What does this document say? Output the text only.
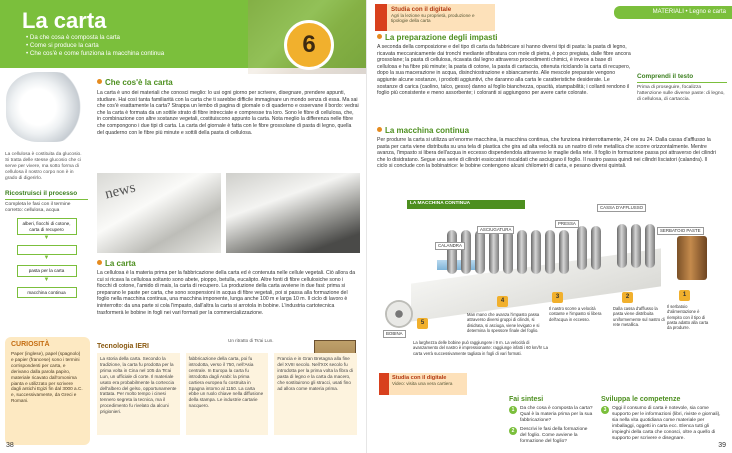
La carta
• Da che cosa è composta la carta
• Come si produce la carta
• Che cos'è e come funziona la macchina continua	6
La cellulosa è costituita da glucosio. Si tratta delle stesse glucosio che ci serve per vivere, ma sotto forma di cellulosa il nostro corpo non è in grado di digerirlo.
Che cos'è la carta
La carta è uno dei materiali che conosci meglio: lo usi ogni giorno per scrivere, disegnare, prendere appunti, studiare. Hai così tanta familiarità con la carta che ti sarebbe difficile immaginare un mondo senza di essa. Ma sai che cos'è esattamente la carta? Strappa un lembo di pagina di giornale o di quaderno e osservane il bordo: vedrai che la carta è formata da un sottile strato di fibre intrecciate e compresse tra loro. Sono le fibre di cellulosa, che, in combinazione con altre sostanze vegetali, costituiscono appunto la carta. Nota meglio la differenza nelle fibre che compongono i due tipi di carta. La carta del giornale è fatta con le fibre grossolane di pasta di legno, quella del quaderno con le fibre più minute e sottili della pasta di cellulosa.
Ricostruisci il processo
Completa le fasi con il termine corretto: cellulosa, acqua
alberi, fiocchi di cotone, carta di recupero
▼
▼
pasta per la carta
▼
macchina continua
news
La carta
La cellulosa è la materia prima per la fabbricazione della carta ed è contenuta nelle cellule vegetali. Ciò allora da cui si ricava la cellulosa soltanto sono abete, pioppo, betulla, eucalipto. Altre fonti di fibre cellulosiche sono i fiocchi di cotone, l'amido di mais, la carta di recupero. La produzione della carta avviene in due fasi: prima si preparano le paste per carta, che sono sospensioni in acqua di fibre vegetali, poi si passa alla formazione del foglio nella macchina continua, una macchina imponente, lunga anche 100 m e larga 10 m. Il ciclo di lavoro è ininterrotto: da una parte si cola l'impasto, dall'altra la carta si arrotola in bobine. L'industria cartotecnica trasformerà le bobine in fogli nei vari formati per la commercializzazione.
Un ritratto di Ts'ai Lun.
CURIOSITÀ
Paper (inglese), papel (spagnolo) e papier (francese) sono i termini corrispondenti per carta, e derivano dalla parola papiro, materiale ricavato dall'omonima pianta e utilizzato per scrivere dagli antichi Egizi fin dal 3000 a.C. e, successivamente, da Greci e Romani.
Tecnologia IERI
La storia della carta. Secondo la tradizione, la carta fu prodotta per la prima volta in Cina nel 105 da Ts'ai Lun, un ufficiale di corte. Il materiale usato era probabilmente la corteccia dell'albero del gelso, opportunamente trattata. Per molto tempo i cinesi tennero segreta la tecnica, ma il procedimento fu rivelato da alcuni prigionieri.
fabbricazione della carta, poi fu introdotta, verso il 750, nell'Asia centrale. In Europa la carta fu introdotta dagli Arabi: la prima cartiera europea fu costruita in Spagna intorno al 1150. La carta ebbe un ruolo chiave nella diffusione della stampa. Le industrie cartarie nacquero.
Francia e in Gran Bretagna alla fine del XVIII secolo. Nell'XIX secolo fu introdotta per la prima volta la fibra di pasta di legno e la carta da macero, che sostituirono gli stracci, usati fino ad allora come materia prima.
38
Studia con il digitale
Agri la lezione su proprietà, produzione e tipologie della carta
MATERIALI • Legno e carta
La preparazione degli impasti
A seconda della composizione e del tipo di carta da fabbricare si hanno diversi tipi di pasta: la pasta di legno, ricavata meccanicamente dai tronchi mediante sfibratura con mole di pietra, è poco pregiata, dalle fibre ancora grossolane; la pasta di cellulosa, ricavata dal legno attraverso procedimenti chimici, è invece a base di cellulosa e ha fibre più minute; la pasta di cotone, la pasta di cartaccia, ottenuta riciclando la carta di recupero, dopo la sua macerazione in acqua, disinchiostrazione e sbiancamento. Alle mescole preparate vengono aggiunte alcune sostanze, i prodotti aggiuntivi, che daranno alla carta le caratteristiche desiderate. Le sostanze di carica (caolino, talco, gesso) danno al foglio bianchezza, opacità, stampabilità; i collanti rendono il foglio più consistente e meno assorbente; i coloranti si aggiungono per avere carte colorate.
Comprendi il testo
Prima di proseguire, focalizza l'attenzione sulle diverse paste: di legno, di cellulosa, di cartaccia.
La macchina continua
Per produrre la carta si utilizza un'enorme macchina, la macchina continua, che funziona ininterrottamente, 24 ore su 24. Dalla cassa d'afflusso la pasta per carta viene distribuita su una tela di plastica che gira ad alta velocità su un nastro di rete metallica che scorre orizzontalmente. Mentre avanza, l'impasto si libera dell'acqua in eccesso dispendendola attraverso le maglie della rete. Il foglio in formazione passa poi attraverso dei cilindri che lo disidratano. Segue una serie di cilindri essiccatori riscaldati che asciugano il foglio. Il nastro passa quindi nei cilindri lisciatori (calandra). Il ciclo si conclude con la bobinatrice: le bobine contengono alcuni chilometri di carta, e pesano diversi quintali.
LA MACCHINA CONTINUA
CASSA D'AFFLUSSO
SERBATOIO PASTE
PRESSA
ASCIUGATURA
CALANDRA
BOBINA
1
2
3
4
5
Il serbatoio d'alimentazione è riempito con il tipo di pasta adatto alla carta da produrre.
Dalla cassa d'afflusso la pasta viene distribuita uniformemente sul nastro di rete metallica.
Il nastro scorre a velocità costante e l'impasto si libera dell'acqua in eccesso.
Man mano che avanza l'impasto passa attraverso diversi gruppi di cilindri, si disidrata, si asciuga, viene levigato e si determina lo spessore finale del foglio.
La larghezza delle bobine può raggiungere i 9 m. La velocità di avanzamento del nastro è impressionante: raggiunge infatti i 60 km/h! La carta verrà successivamente tagliata in fogli di vari formati.
Studia con il digitale
Video: visita una vera cartiera
Fai sintesi
1	Da che cosa è composta la carta? Qual è la materia prima per la sua fabbricazione?
2	Descrivi le fasi della formazione del foglio. Come avviene la formazione del foglio?
Sviluppa le competenze
3	Oggi il consumo di carta è notevole, sia come supporto per le informazioni (libri, riviste e giornali), sia nella vita quotidiana come materiale per imballaggi, oggetti in carta ecc. Elenca tutti gli impieghi della carta che conosci, oltre a quello di supporto per scrivere e disegnare.
39
